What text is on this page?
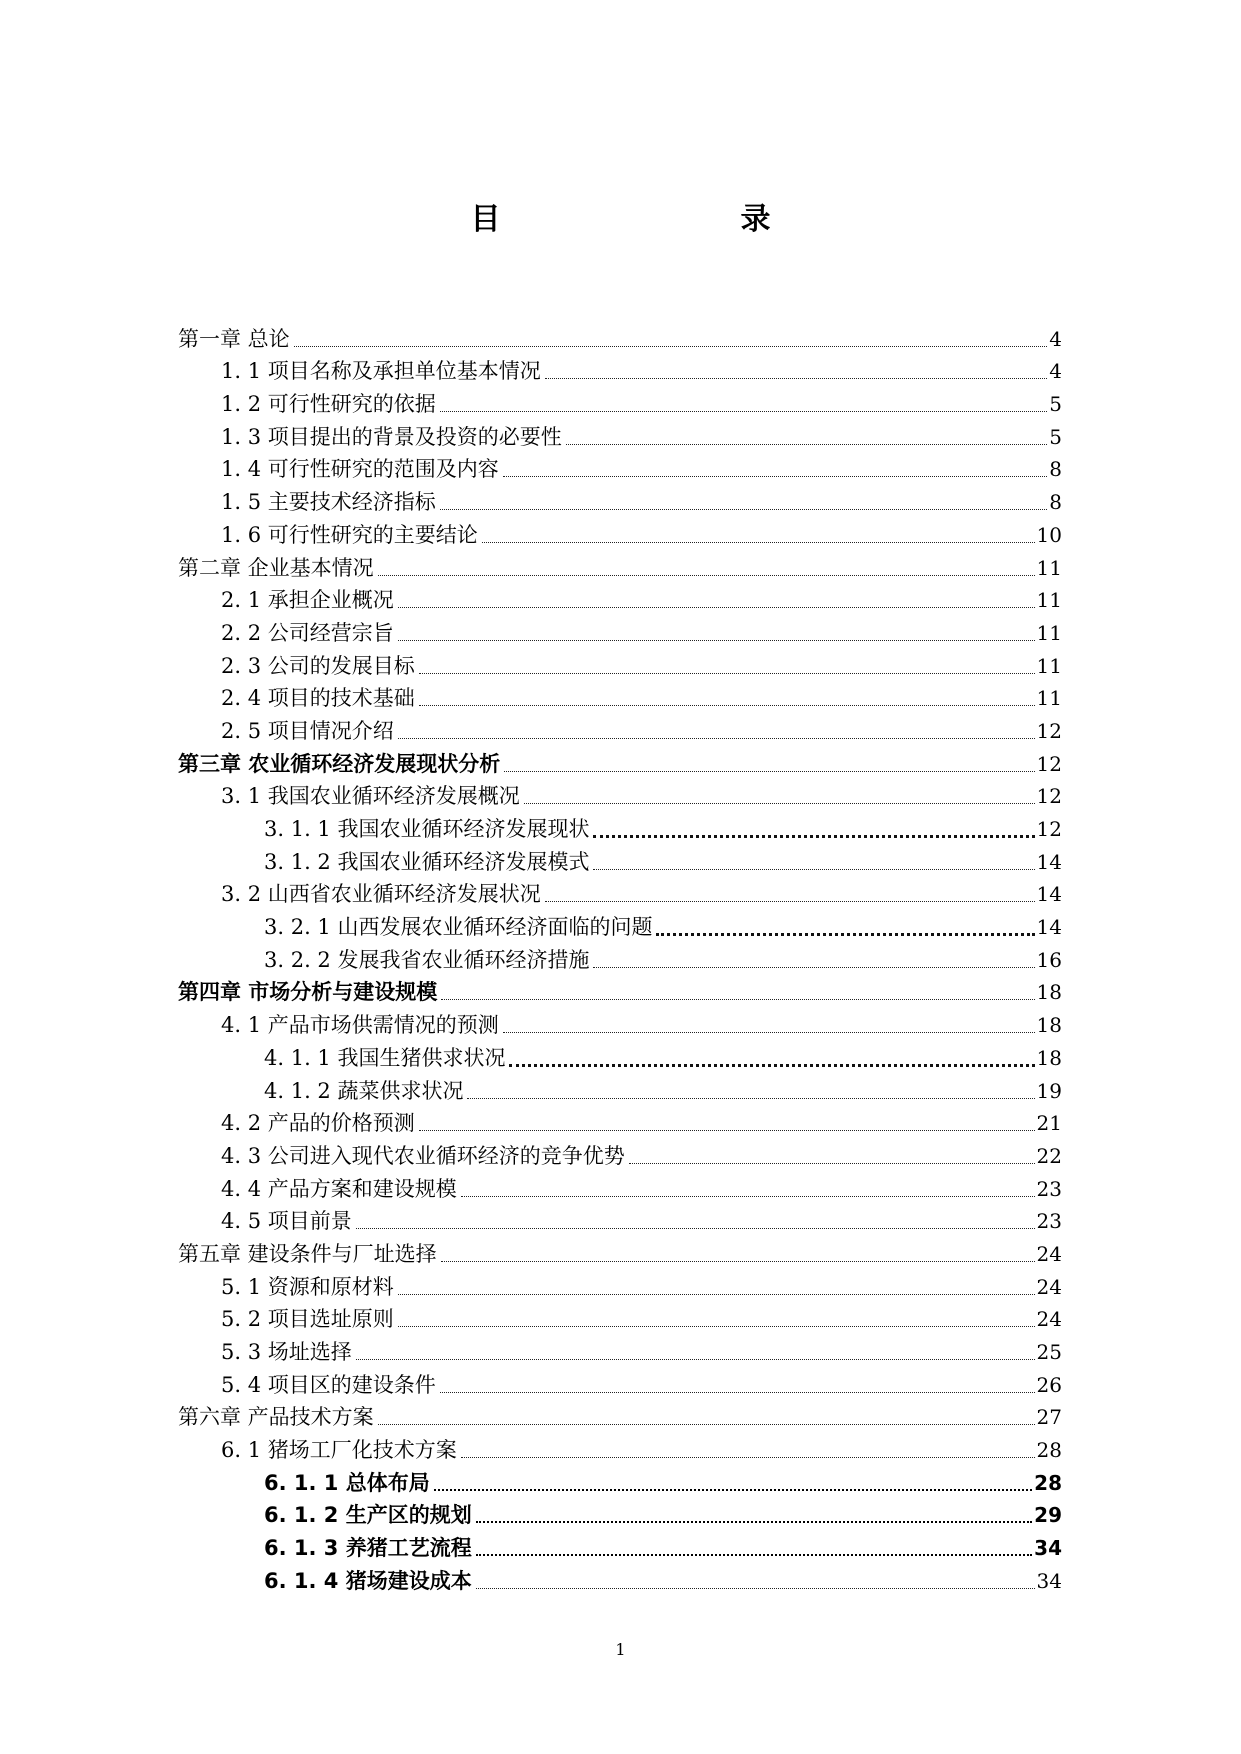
目　　录
第一章 总论	4
1. 1 项目名称及承担单位基本情况	4
1. 2 可行性研究的依据	5
1. 3 项目提出的背景及投资的必要性	5
1. 4 可行性研究的范围及内容	8
1. 5 主要技术经济指标	8
1. 6 可行性研究的主要结论	10
第二章 企业基本情况	11
2. 1 承担企业概况	11
2. 2 公司经营宗旨	11
2. 3 公司的发展目标	11
2. 4 项目的技术基础	11
2. 5 项目情况介绍	12
第三章 农业循环经济发展现状分析	12
3. 1 我国农业循环经济发展概况	12
3. 1. 1 我国农业循环经济发展现状	12
3. 1. 2 我国农业循环经济发展模式	14
3. 2 山西省农业循环经济发展状况	14
3. 2. 1 山西发展农业循环经济面临的问题	14
3. 2. 2 发展我省农业循环经济措施	16
第四章 市场分析与建设规模	18
4. 1 产品市场供需情况的预测	18
4. 1. 1 我国生猪供求状况	18
4. 1. 2 蔬菜供求状况	19
4. 2 产品的价格预测	21
4. 3 公司进入现代农业循环经济的竞争优势	22
4. 4 产品方案和建设规模	23
4. 5 项目前景	23
第五章 建设条件与厂址选择	24
5. 1 资源和原材料	24
5. 2 项目选址原则	24
5. 3 场址选择	25
5. 4 项目区的建设条件	26
第六章 产品技术方案	27
6. 1 猪场工厂化技术方案	28
6. 1. 1 总体布局	28
6. 1. 2 生产区的规划	29
6. 1. 3 养猪工艺流程	34
6. 1. 4 猪场建设成本	34
1
